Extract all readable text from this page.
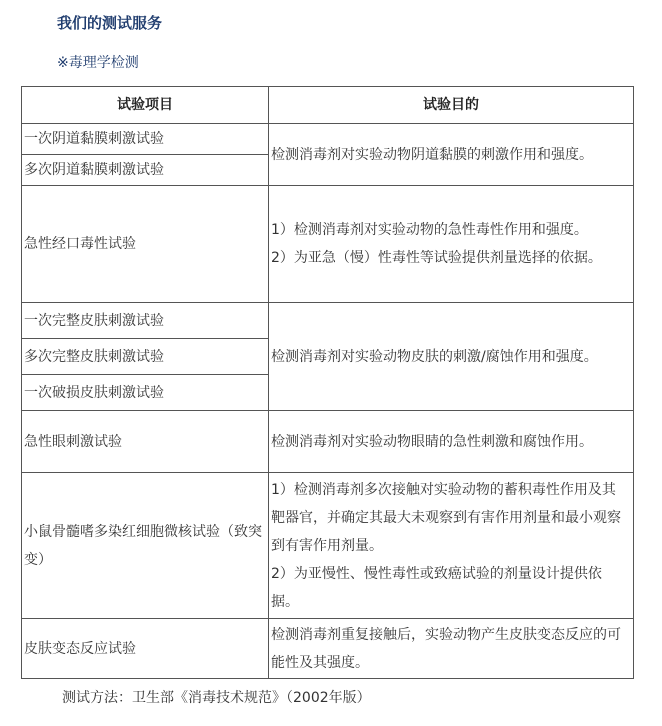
我们的测试服务
※毒理学检测
试验项目	试验目的
一次阴道黏膜刺激试验	检测消毒剂对实验动物阴道黏膜的刺激作用和强度。
多次阴道黏膜刺激试验	
急性经口毒性试验	1）检测消毒剂对实验动物的急性毒性作用和强度。
2）为亚急（慢）性毒性等试验提供剂量选择的依据。

一次完整皮肤刺激试验	检测消毒剂对实验动物皮肤的刺激/腐蚀作用和强度。
多次完整皮肤刺激试验	
一次破损皮肤刺激试验	
急性眼刺激试验	检测消毒剂对实验动物眼睛的急性刺激和腐蚀作用。
小鼠骨髓嗜多染红细胞微核试验（致突变）	1）检测消毒剂多次接触对实验动物的蓄积毒性作用及其靶器官，并确定其最大未观察到有害作用剂量和最小观察到有害作用剂量。
2）为亚慢性、慢性毒性或致癌试验的剂量设计提供依据。

皮肤变态反应试验	检测消毒剂重复接触后，实验动物产生皮肤变态反应的可能性及其强度。
测试方法：卫生部《消毒技术规范》（2002年版）
